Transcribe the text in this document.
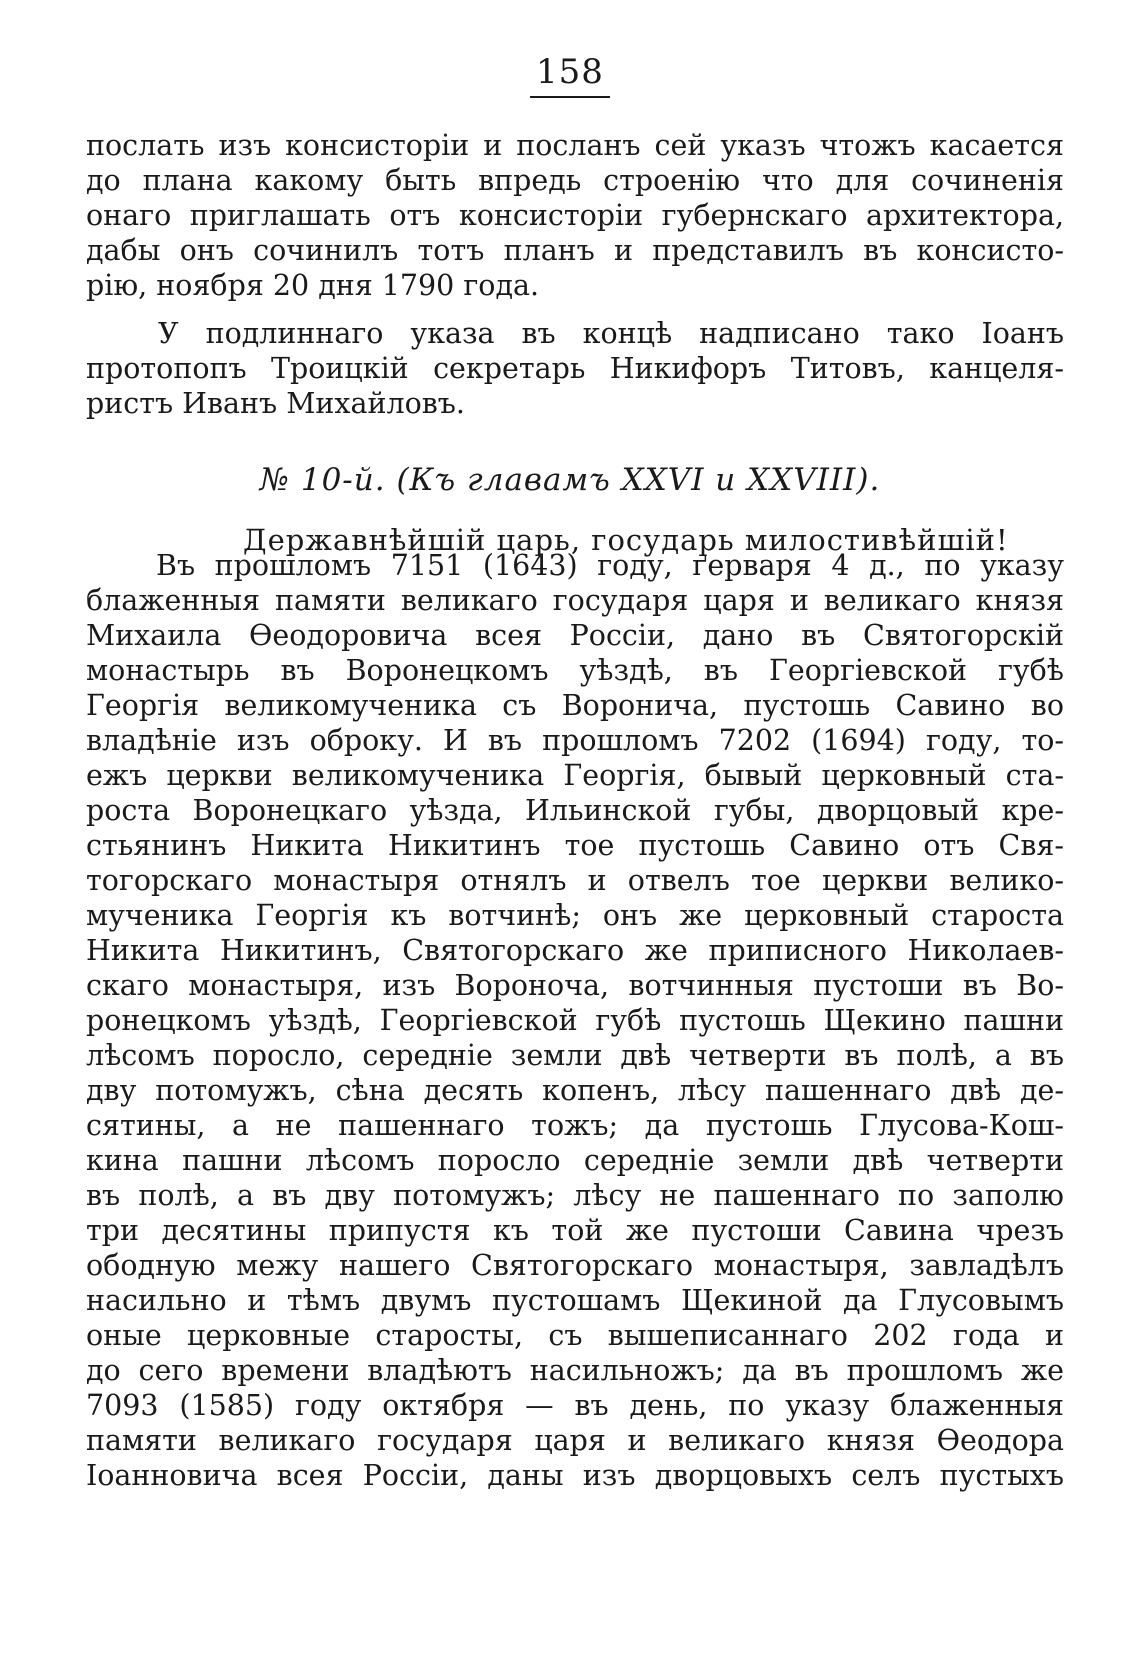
158
послать изъ консисторіи и посланъ сей указъ чтожъ касается
до плана какому быть впредь строенію что для сочиненія
онаго приглашать отъ консисторіи губернскаго архитектора,
дабы онъ сочинилъ тотъ планъ и представилъ въ консисто-
рію, ноября 20 дня 1790 года.
У подлиннаго указа въ концѣ надписано тако Іоанъ
протопопъ Троицкій секретарь Никифоръ Титовъ, канцеля-
ристъ Иванъ Михайловъ.
№ 10-й. (Къ главамъ XXVI и XXVIII).
Державнѣйшій царь, государь милостивѣйшій!
Въ прошломъ 7151 (1643) году, ґерваря 4 д., по указу
блаженныя памяти великаго государя царя и великаго князя
Михаила Ѳеодоровича всея Россіи, дано въ Святогорскій
монастырь въ Воронецкомъ уѣздѣ, въ Георгіевской губѣ
Георгія великомученика съ Воронича, пустошь Савино во
владѣніе изъ оброку. И въ прошломъ 7202 (1694) году, то-
ежъ церкви великомученика Георгія, бывый церковный ста-
роста Воронецкаго уѣзда, Ильинской губы, дворцовый кре-
стьянинъ Никита Никитинъ тое пустошь Савино отъ Свя-
тогорскаго монастыря отнялъ и отвелъ тое церкви велико-
мученика Георгія къ вотчинѣ; онъ же церковный староста
Никита Никитинъ, Святогорскаго же приписного Николаев-
скаго монастыря, изъ Вороноча, вотчинныя пустоши въ Во-
ронецкомъ уѣздѣ, Георгіевской губѣ пустошь Щекино пашни
лѣсомъ поросло, середніе земли двѣ четверти въ полѣ, а въ
дву потомужъ, сѣна десять копенъ, лѣсу пашеннаго двѣ де-
сятины, а не пашеннаго тожъ; да пустошь Глусова-Кош-
кина пашни лѣсомъ поросло середніе земли двѣ четверти
въ полѣ, а въ дву потомужъ; лѣсу не пашеннаго по заполю
три десятины припустя къ той же пустоши Савина чрезъ
ободную межу нашего Святогорскаго монастыря, завладѣлъ
насильно и тѣмъ двумъ пустошамъ Щекиной да Глусовымъ
оные церковные старосты, съ вышеписаннаго 202 года и
до сего времени владѣютъ насильножъ; да въ прошломъ же
7093 (1585) году октября — въ день, по указу блаженныя
памяти великаго государя царя и великаго князя Ѳеодора
Іоанновича всея Россіи, даны изъ дворцовыхъ селъ пустыхъ
